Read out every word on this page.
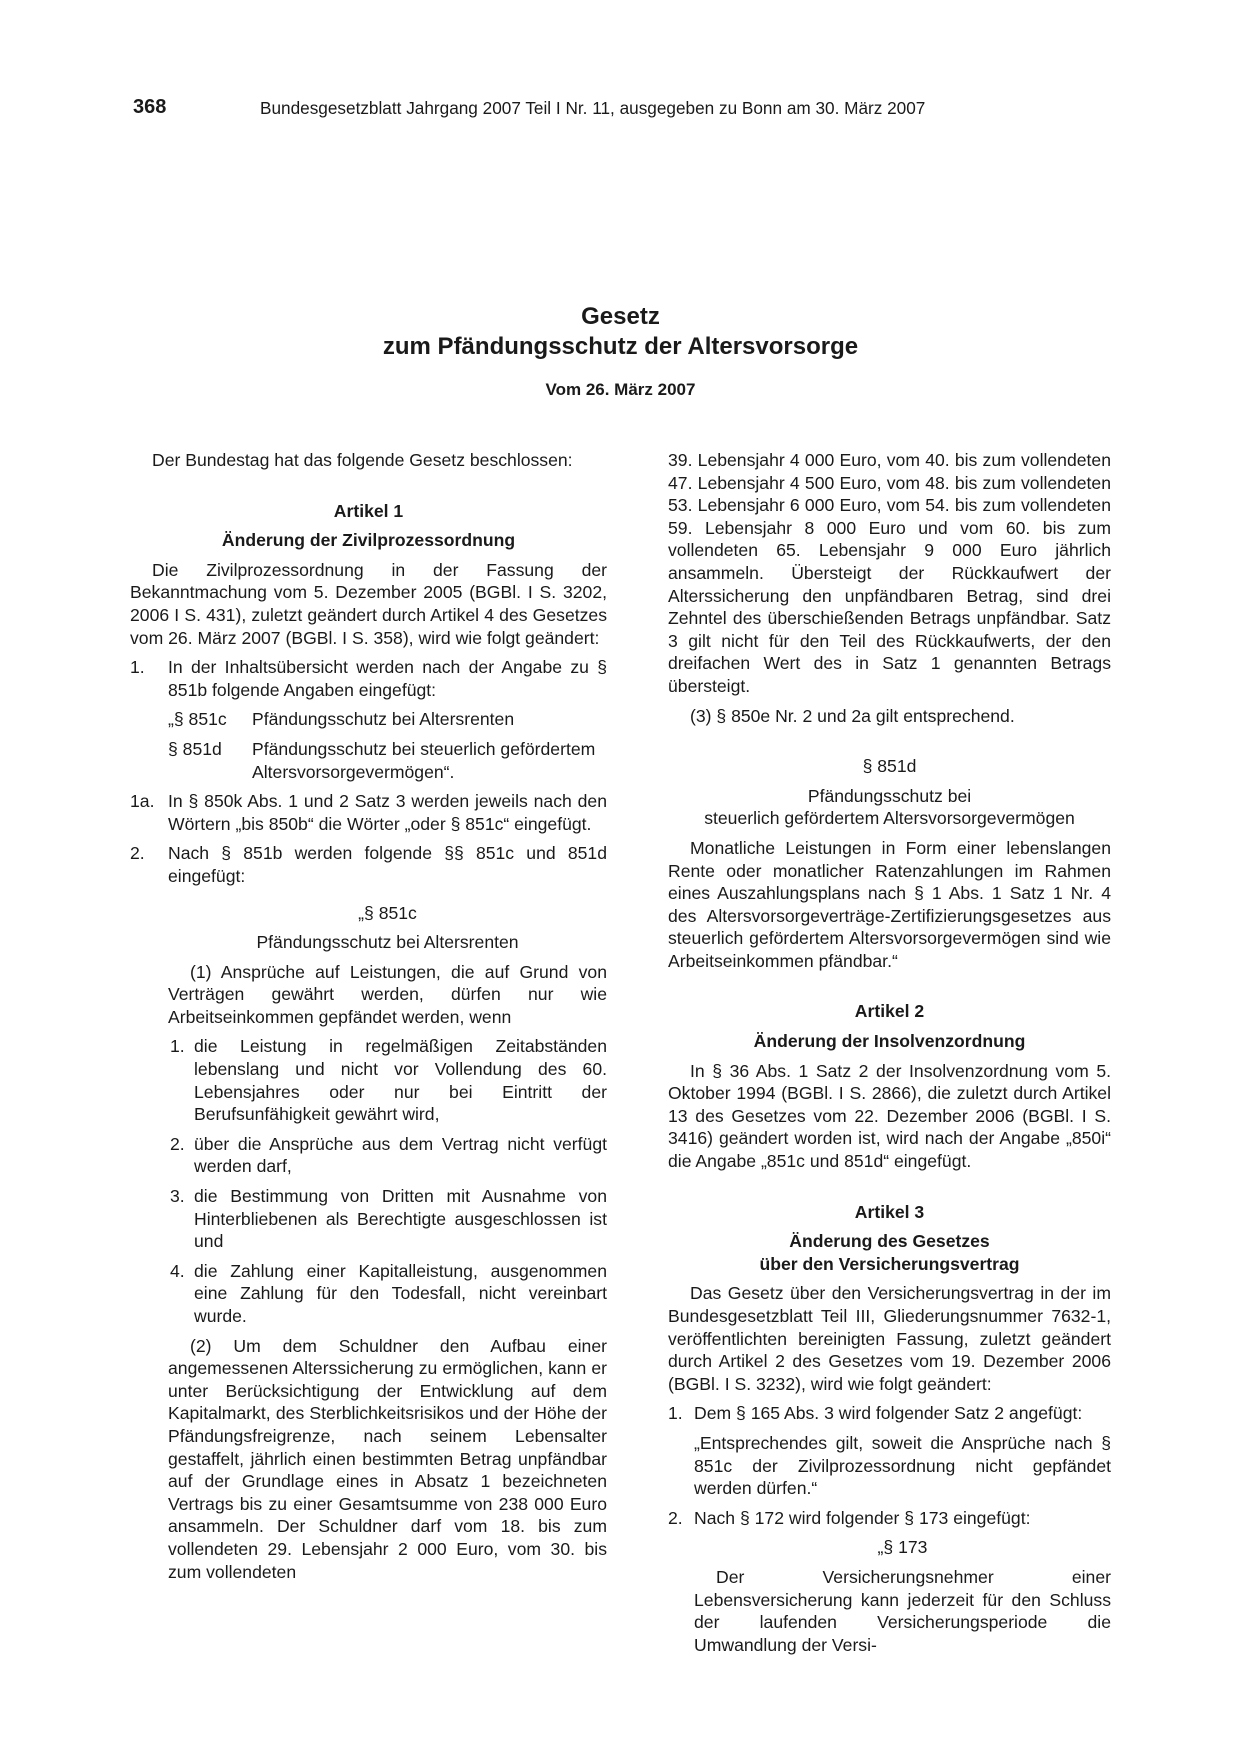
368	Bundesgesetzblatt Jahrgang 2007 Teil I Nr. 11, ausgegeben zu Bonn am 30. März 2007
Gesetz
zum Pfändungsschutz der Altersvorsorge
Vom 26. März 2007

Der Bundestag hat das folgende Gesetz beschlossen:

Artikel 1

Änderung der Zivilprozessordnung

Die Zivilprozessordnung in der Fassung der Bekanntmachung vom 5. Dezember 2005 (BGBl. I S. 3202, 2006 I S. 431), zuletzt geändert durch Artikel 4 des Gesetzes vom 26. März 2007 (BGBl. I S. 358), wird wie folgt geändert:

1.	In der Inhaltsübersicht werden nach der Angabe zu § 851b folgende Angaben eingefügt:
„§ 851c	Pfändungsschutz bei Altersrenten
§ 851d	Pfändungsschutz bei steuerlich gefördertem Altersvorsorgevermögen“.
1a. In § 850k Abs. 1 und 2 Satz 3 werden jeweils nach den Wörtern „bis 850b“ die Wörter „oder § 851c“ eingefügt.
2.	Nach § 851b werden folgende §§ 851c und 851d eingefügt:

„§ 851c

Pfändungsschutz bei Altersrenten

(1) Ansprüche auf Leistungen, die auf Grund von Verträgen gewährt werden, dürfen nur wie Arbeitseinkommen gepfändet werden, wenn

1. die Leistung in regelmäßigen Zeitabständen lebenslang und nicht vor Vollendung des 60. Lebensjahres oder nur bei Eintritt der Berufsunfähigkeit gewährt wird,
2. über die Ansprüche aus dem Vertrag nicht verfügt werden darf,
3. die Bestimmung von Dritten mit Ausnahme von Hinterbliebenen als Berechtigte ausgeschlossen ist und
4. die Zahlung einer Kapitalleistung, ausgenommen eine Zahlung für den Todesfall, nicht vereinbart wurde.

(2) Um dem Schuldner den Aufbau einer angemessenen Alterssicherung zu ermöglichen, kann er unter Berücksichtigung der Entwicklung auf dem Kapitalmarkt, des Sterblichkeitsrisikos und der Höhe der Pfändungsfreigrenze, nach seinem Lebensalter gestaffelt, jährlich einen bestimmten Betrag unpfändbar auf der Grundlage eines in Absatz 1 bezeichneten Vertrags bis zu einer Gesamtsumme von 238 000 Euro ansammeln. Der Schuldner darf vom 18. bis zum vollendeten 29. Lebensjahr 2 000 Euro, vom 30. bis zum vollendeten

39. Lebensjahr 4 000 Euro, vom 40. bis zum vollendeten 47. Lebensjahr 4 500 Euro, vom 48. bis zum vollendeten 53. Lebensjahr 6 000 Euro, vom 54. bis zum vollendeten 59. Lebensjahr 8 000 Euro und vom 60. bis zum vollendeten 65. Lebensjahr 9 000 Euro jährlich ansammeln. Übersteigt der Rückkaufwert der Alterssicherung den unpfändbaren Betrag, sind drei Zehntel des überschießenden Betrags unpfändbar. Satz 3 gilt nicht für den Teil des Rückkaufwerts, der den dreifachen Wert des in Satz 1 genannten Betrags übersteigt.

(3) § 850e Nr. 2 und 2a gilt entsprechend.

§ 851d

Pfändungsschutz bei

steuerlich gefördertem Altersvorsorgevermögen

Monatliche Leistungen in Form einer lebenslangen Rente oder monatlicher Ratenzahlungen im Rahmen eines Auszahlungsplans nach § 1 Abs. 1 Satz 1 Nr. 4 des Altersvorsorgeverträge-Zertifizierungsgesetzes aus steuerlich gefördertem Altersvorsorgevermögen sind wie Arbeitseinkommen pfändbar.“

Artikel 2

Änderung der Insolvenzordnung

In § 36 Abs. 1 Satz 2 der Insolvenzordnung vom 5. Oktober 1994 (BGBl. I S. 2866), die zuletzt durch Artikel 13 des Gesetzes vom 22. Dezember 2006 (BGBl. I S. 3416) geändert worden ist, wird nach der Angabe „850i“ die Angabe „851c und 851d“ eingefügt.

Artikel 3

Änderung des Gesetzes

über den Versicherungsvertrag

Das Gesetz über den Versicherungsvertrag in der im Bundesgesetzblatt Teil III, Gliederungsnummer 7632-1, veröffentlichten bereinigten Fassung, zuletzt geändert durch Artikel 2 des Gesetzes vom 19. Dezember 2006 (BGBl. I S. 3232), wird wie folgt geändert:

1. Dem § 165 Abs. 3 wird folgender Satz 2 angefügt:

„Entsprechendes gilt, soweit die Ansprüche nach § 851c der Zivilprozessordnung nicht gepfändet werden dürfen.“

2. Nach § 172 wird folgender § 173 eingefügt:

„§ 173

Der Versicherungsnehmer einer Lebensversicherung kann jederzeit für den Schluss der laufenden Versicherungsperiode die Umwandlung der Versi-
